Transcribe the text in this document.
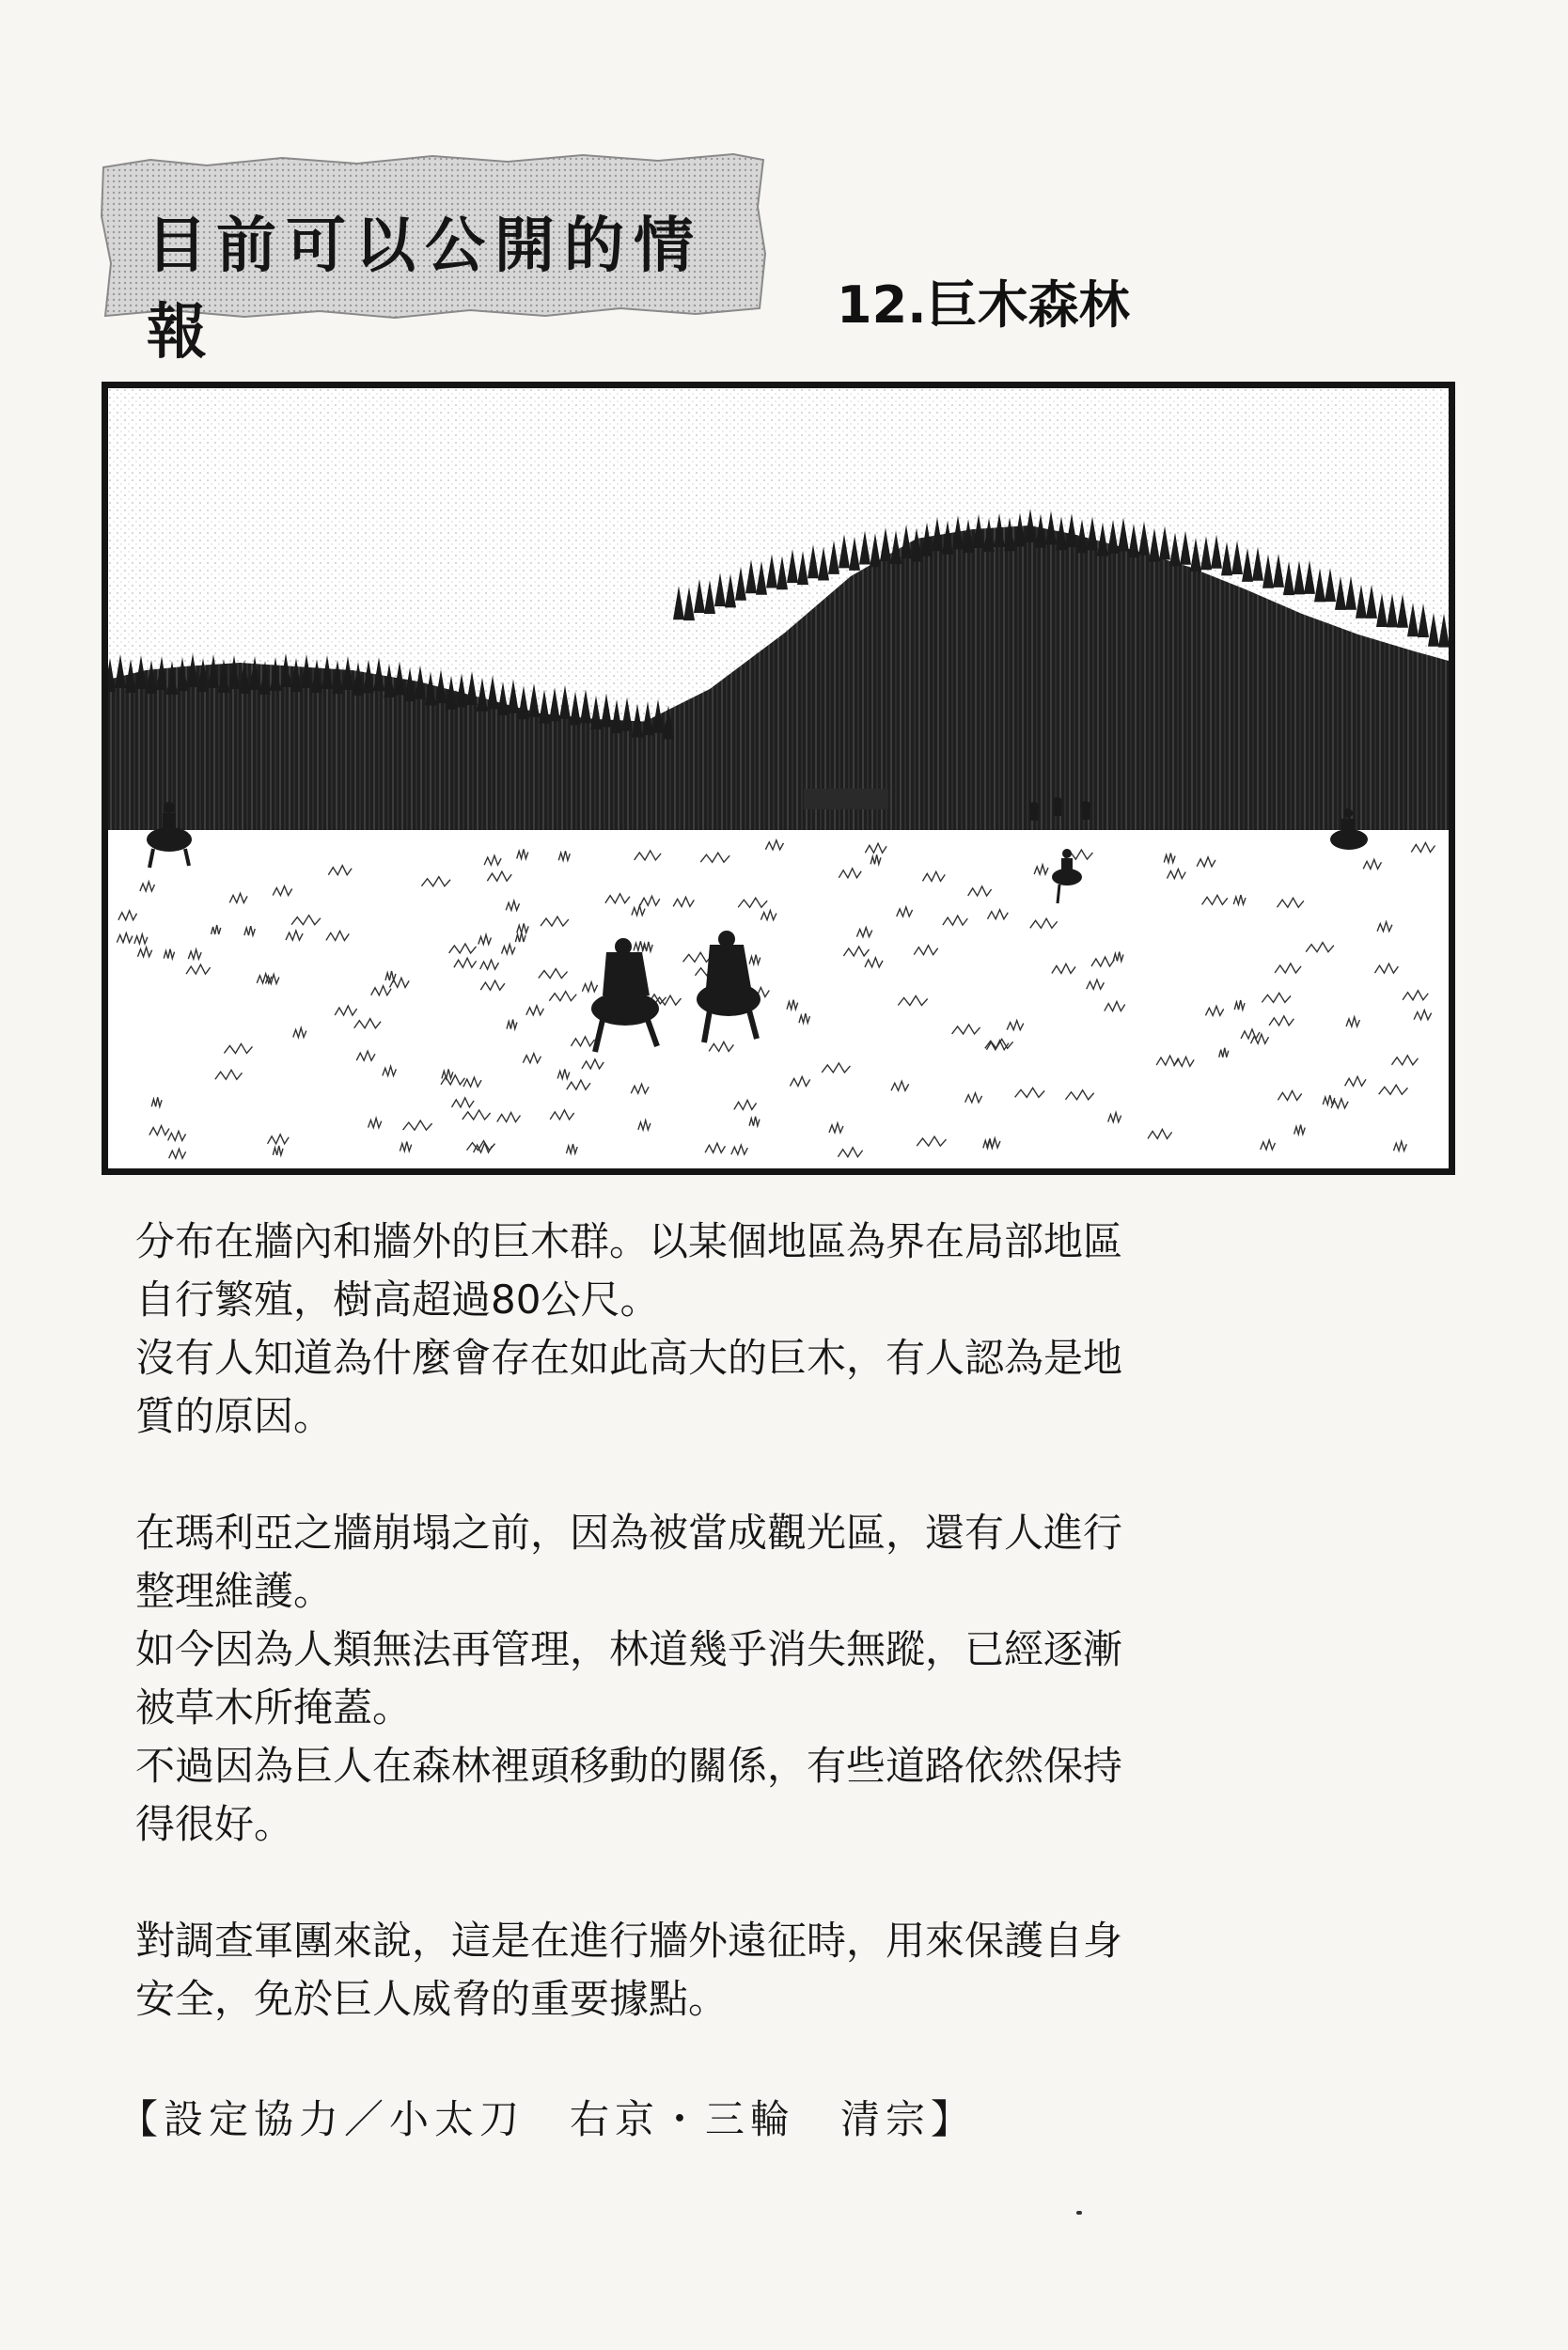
目前可以公開的情報	12.巨木森林

分布在牆內和牆外的巨木群。以某個地區為界在局部地區
自行繁殖，樹高超過80公尺。
沒有人知道為什麼會存在如此高大的巨木，有人認為是地
質的原因。

在瑪利亞之牆崩塌之前，因為被當成觀光區，還有人進行
整理維護。
如今因為人類無法再管理，林道幾乎消失無蹤，已經逐漸
被草木所掩蓋。
不過因為巨人在森林裡頭移動的關係，有些道路依然保持
得很好。

對調查軍團來說，這是在進行牆外遠征時，用來保護自身
安全，免於巨人威脅的重要據點。

【設定協力／小太刀　右京・三輪　清宗】
